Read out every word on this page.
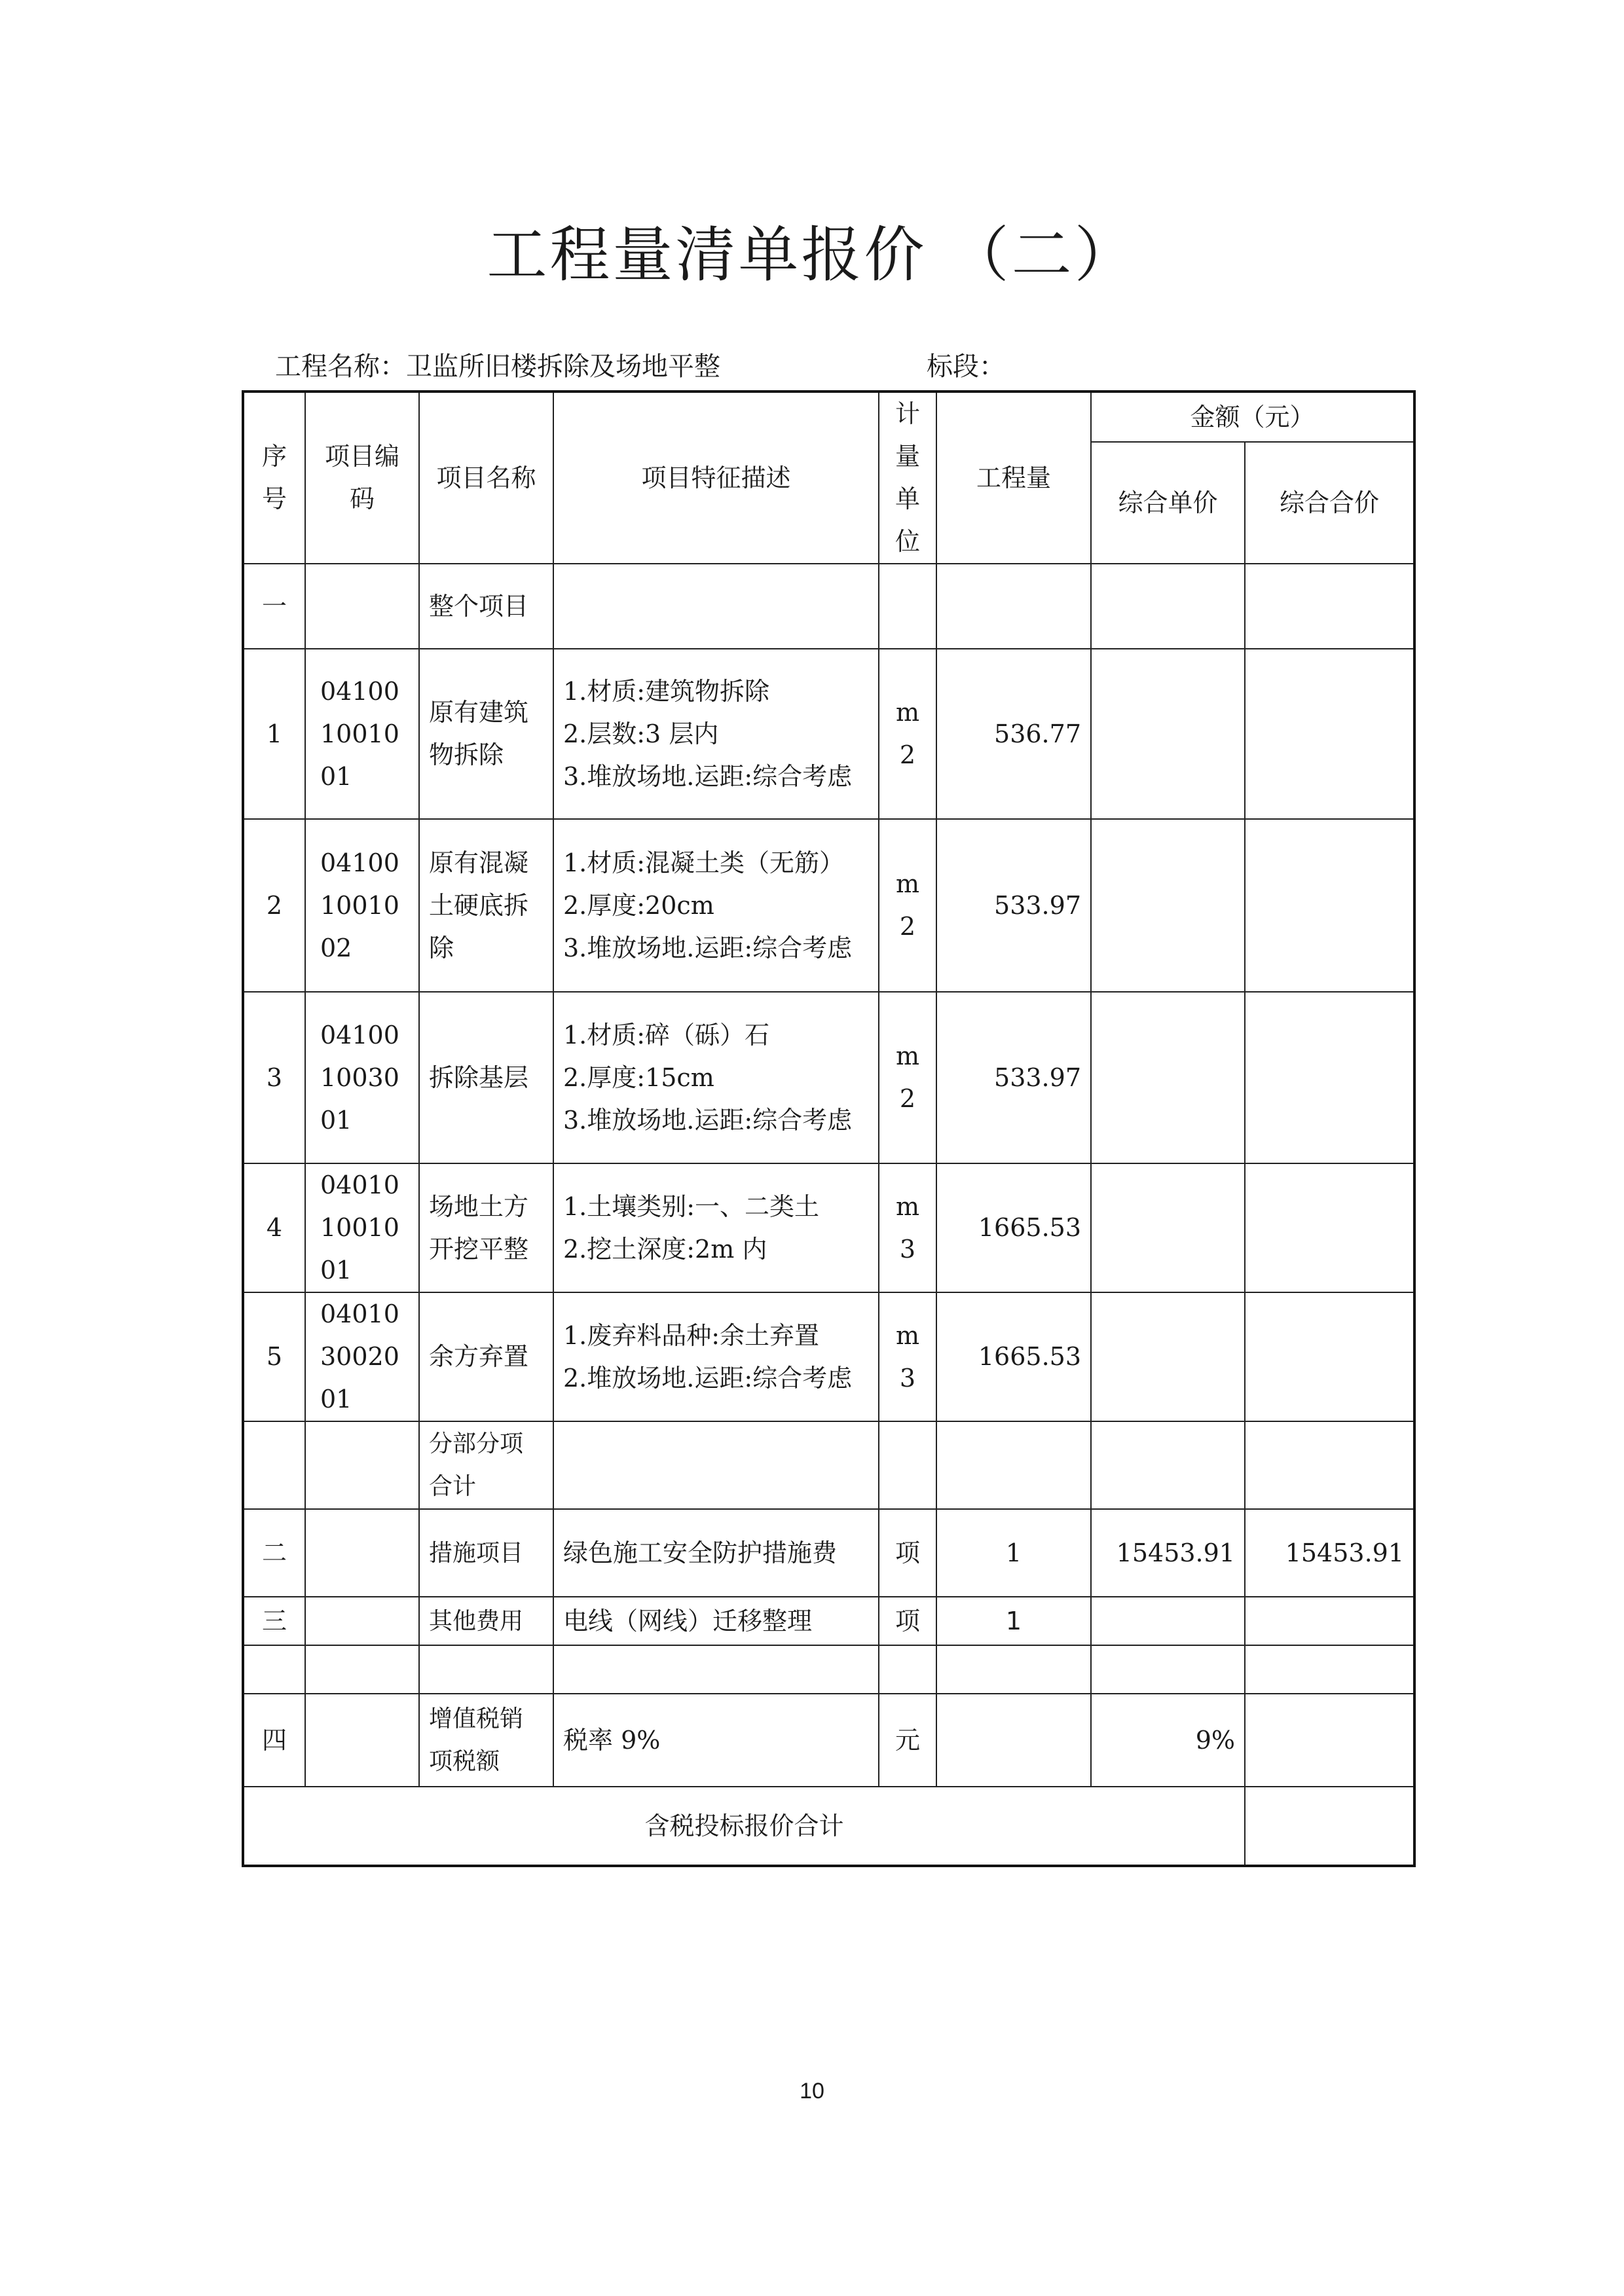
工程量清单报价 （二）
工程名称：卫监所旧楼拆除及场地平整	标段：
序号	项目编码	项目名称	项目特征描述	计量单位	工程量	金额（元）	
						综合单价	综合合价
一		整个项目					
1	041001001001	原有建筑物拆除	1.材质:建筑物拆除
2.层数:3 层内
3.堆放场地.运距:综合考虑	m2	536.77		
2	041001001002	原有混凝土硬底拆除	1.材质:混凝土类（无筋）
2.厚度:20cm
3.堆放场地.运距:综合考虑	m2	533.97		
3	041001003001	拆除基层	1.材质:碎（砾）石
2.厚度:15cm
3.堆放场地.运距:综合考虑	m2	533.97		
4	040101001001	场地土方开挖平整	1.土壤类别:一、二类土
2.挖土深度:2m 内	m3	1665.53		
5	040103002001	余方弃置	1.废弃料品种:余土弃置
2.堆放场地.运距:综合考虑	m3	1665.53		
		分部分项合计					
二		措施项目	绿色施工安全防护措施费	项	1	15453.91	15453.91
三		其他费用	电线（网线）迁移整理	项	1		

四		增值税销项税额	税率 9%	元		9%	
含税投标报价合计							
10
